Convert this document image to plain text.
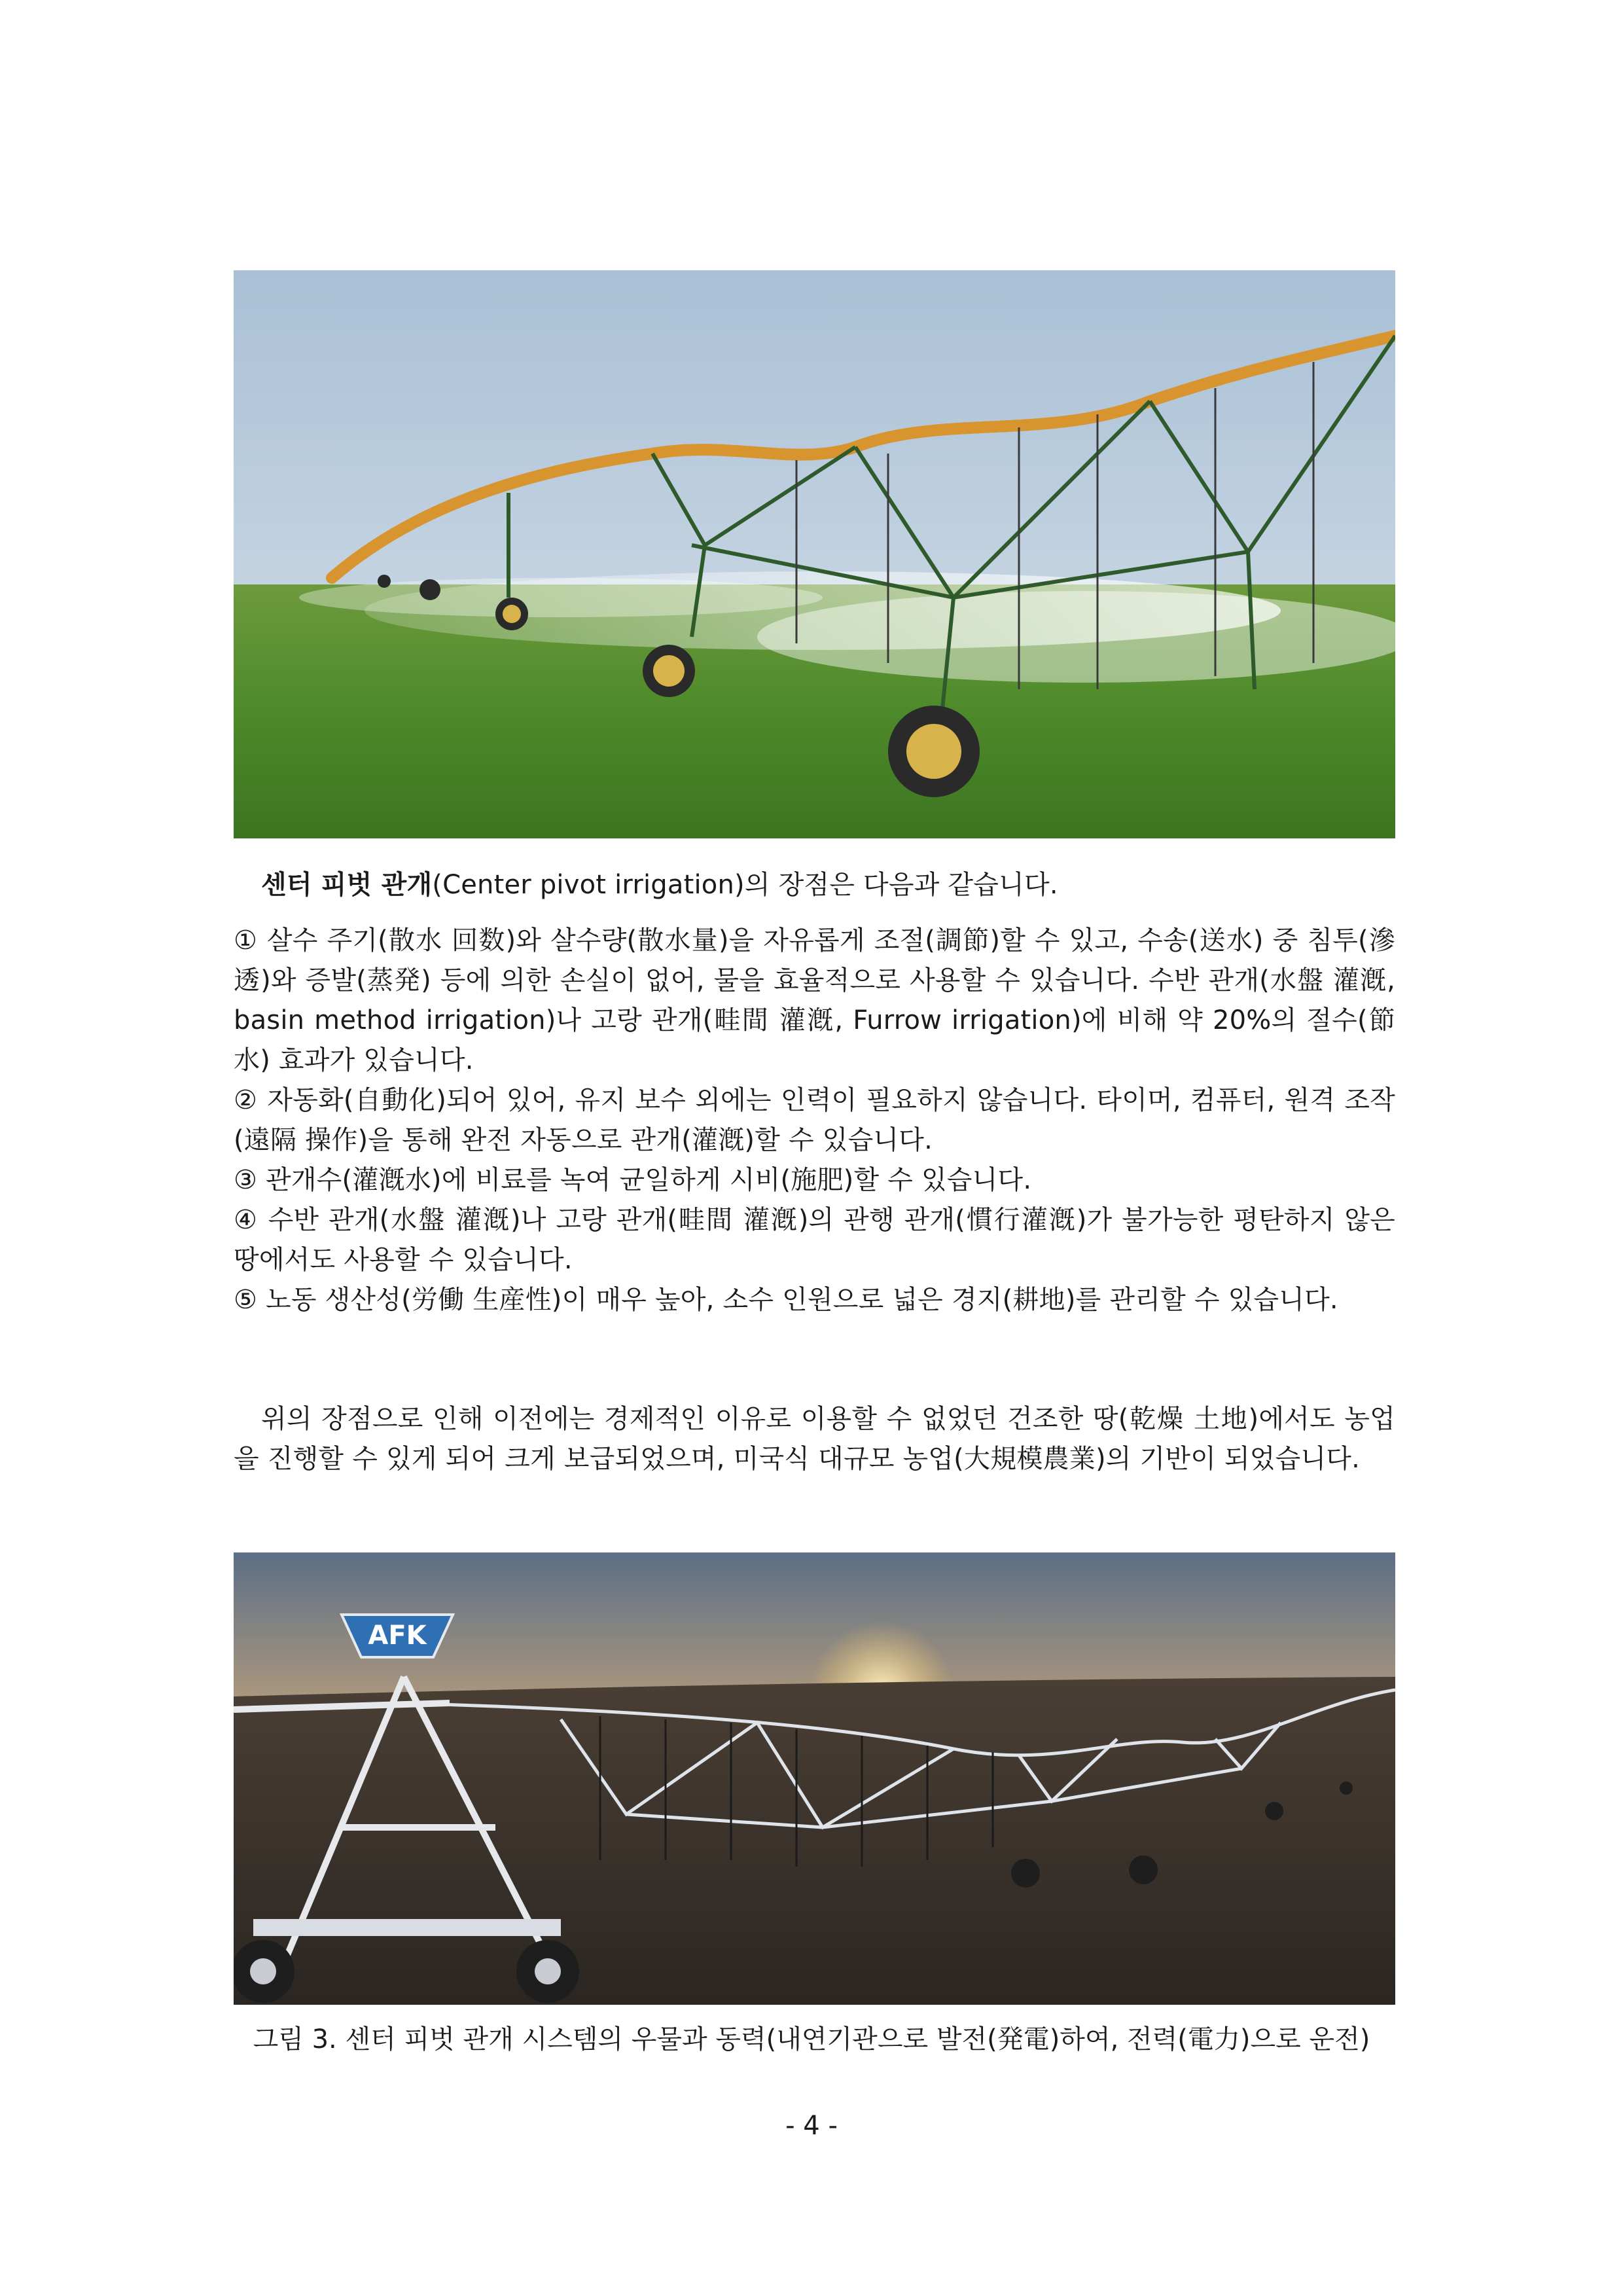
센터 피벗 관개(Center pivot irrigation)의 장점은 다음과 같습니다.
① 살수 주기(散水 回数)와 살수량(散水量)을 자유롭게 조절(調節)할 수 있고, 수송(送水) 중 침투(滲透)와 증발(蒸発) 등에 의한 손실이 없어, 물을 효율적으로 사용할 수 있습니다. 수반 관개(水盤 灌漑, basin method irrigation)나 고랑 관개(畦間 灌漑, Furrow irrigation)에 비해 약 20%의 절수(節水) 효과가 있습니다.
② 자동화(自動化)되어 있어, 유지 보수 외에는 인력이 필요하지 않습니다. 타이머, 컴퓨터, 원격 조작(遠隔 操作)을 통해 완전 자동으로 관개(灌漑)할 수 있습니다.
③ 관개수(灌漑水)에 비료를 녹여 균일하게 시비(施肥)할 수 있습니다.
④ 수반 관개(水盤 灌漑)나 고랑 관개(畦間 灌漑)의 관행 관개(慣行灌漑)가 불가능한 평탄하지 않은 땅에서도 사용할 수 있습니다.
⑤ 노동 생산성(労働 生産性)이 매우 높아, 소수 인원으로 넓은 경지(耕地)를 관리할 수 있습니다.
위의 장점으로 인해 이전에는 경제적인 이유로 이용할 수 없었던 건조한 땅(乾燥 土地)에서도 농업을 진행할 수 있게 되어 크게 보급되었으며, 미국식 대규모 농업(大規模農業)의 기반이 되었습니다.
AFK
그림 3. 센터 피벗 관개 시스템의 우물과 동력(내연기관으로 발전(発電)하여, 전력(電力)으로 운전)
- 4 -
